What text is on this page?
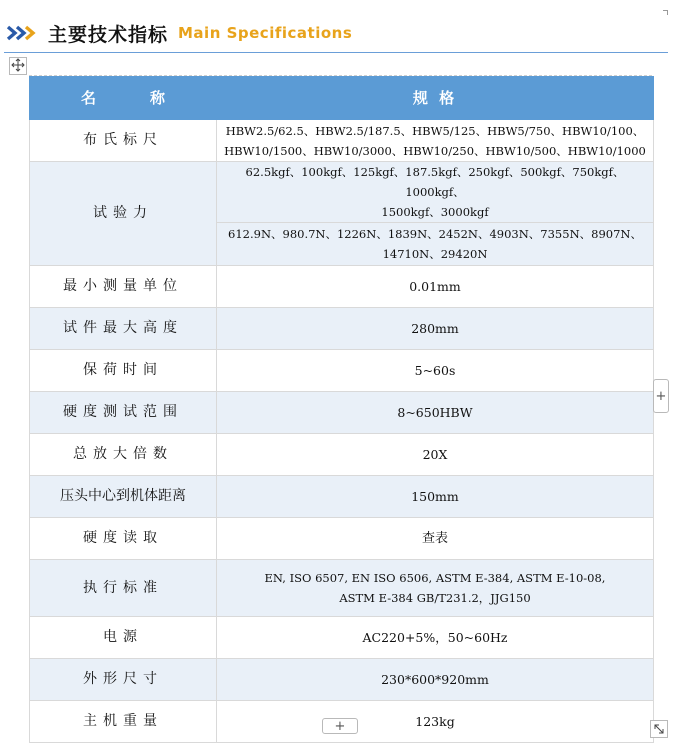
主要技术指标 Main Specifications
名 称	规 格
布氏标尺	HBW2.5/62.5、HBW2.5/187.5、HBW5/125、HBW5/750、HBW10/100、
HBW10/1500、HBW10/3000、HBW10/250、HBW10/500、HBW10/1000

试验力	62.5kgf、100kgf、125kgf、187.5kgf、250kgf、500kgf、750kgf、1000kgf、
1500kgf、3000kgf

	612.9N、980.7N、1226N、1839N、2452N、4903N、7355N、8907N、
14710N、29420N

最小测量单位	0.01mm
试件最大高度	280mm
保荷时间	5~60s
硬度测试范围	8~650HBW
总放大倍数	20X
压头中心到机体距离	150mm
硬度读取	查表
执行标准	EN, ISO 6507, EN ISO 6506, ASTM E-384, ASTM E-10-08,
ASTM E-384 GB/T231.2，JJG150

电源	AC220+5%，50~60Hz
外形尺寸	230*600*920mm
主机重量	123kg
+
+
